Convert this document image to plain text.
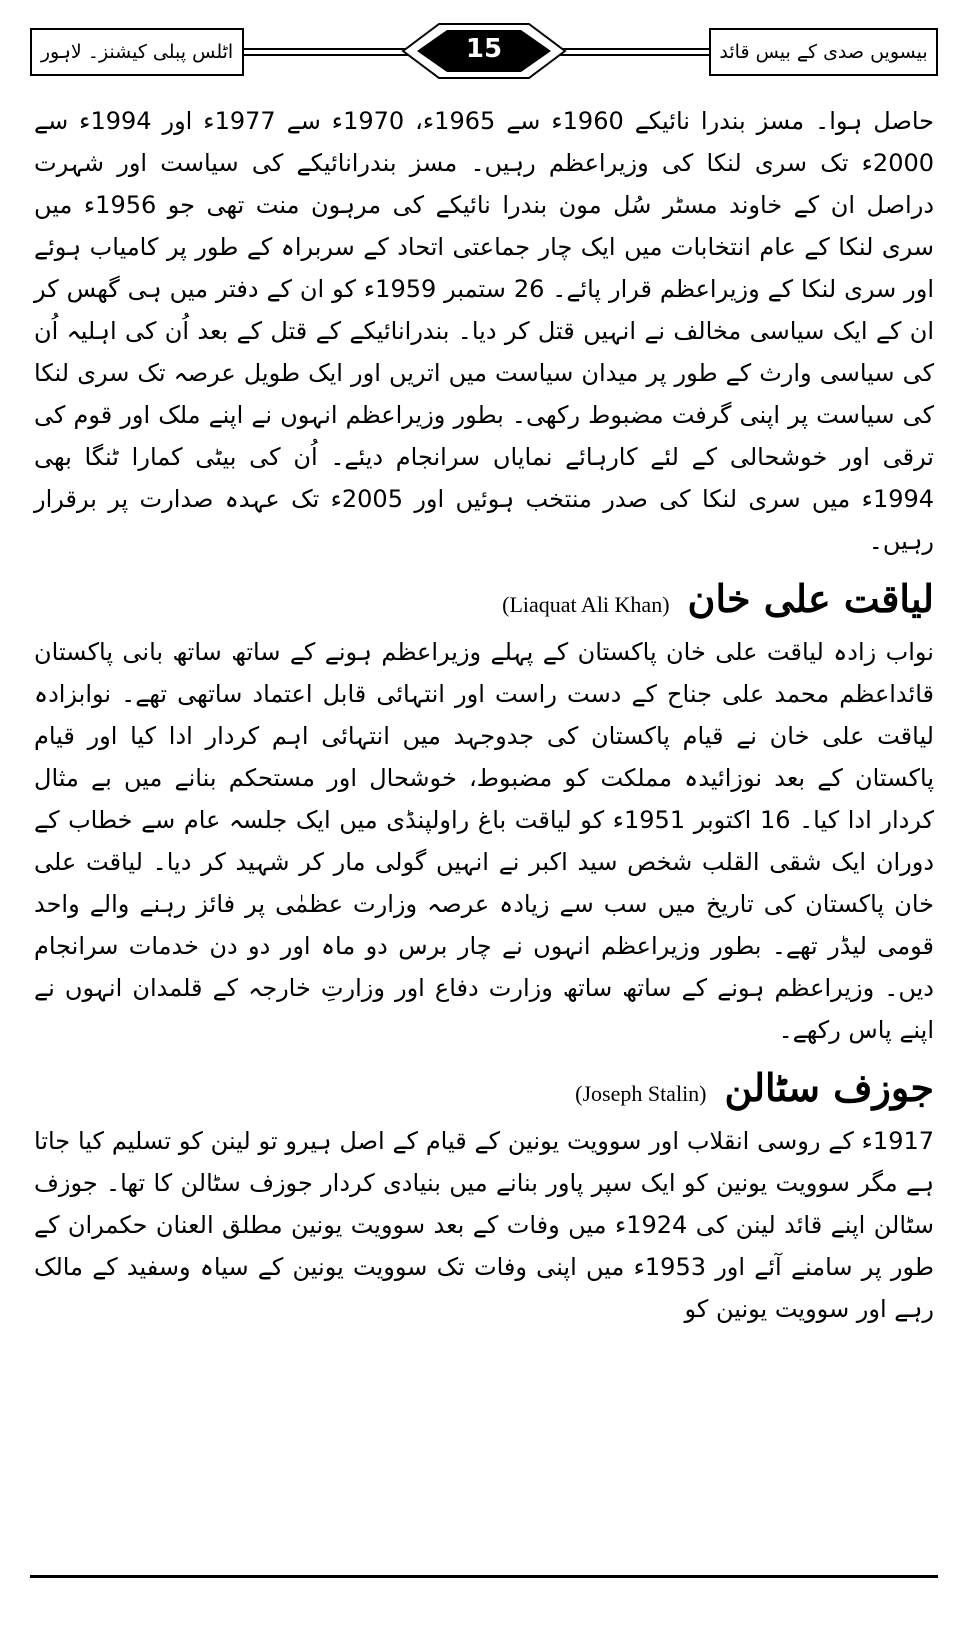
اٹلس پبلی کیشنز۔ لاہور	بیسویں صدی کے بیس قائد
15

حاصل ہوا۔ مسز بندرا نائیکے 1960ء سے 1965ء، 1970ء سے 1977ء اور 1994ء سے 2000ء تک سری لنکا کی وزیراعظم رہیں۔ مسز بندرانائیکے کی سیاست اور شہرت دراصل ان کے خاوند مسٹر سُل مون بندرا نائیکے کی مرہون منت تھی جو 1956ء میں سری لنکا کے عام انتخابات میں ایک چار جماعتی اتحاد کے سربراہ کے طور پر کامیاب ہوئے اور سری لنکا کے وزیراعظم قرار پائے۔ 26 ستمبر 1959ء کو ان کے دفتر میں ہی گھس کر ان کے ایک سیاسی مخالف نے انہیں قتل کر دیا۔ بندرانائیکے کے قتل کے بعد اُن کی اہلیہ اُن کی سیاسی وارث کے طور پر میدان سیاست میں اتریں اور ایک طویل عرصہ تک سری لنکا کی سیاست پر اپنی گرفت مضبوط رکھی۔ بطور وزیراعظم انہوں نے اپنے ملک اور قوم کی ترقی اور خوشحالی کے لئے کارہائے نمایاں سرانجام دیئے۔ اُن کی بیٹی کمارا ٹنگا بھی 1994ء میں سری لنکا کی صدر منتخب ہوئیں اور 2005ء تک عہدہ صدارت پر برقرار رہیں۔

لیاقت علی خان
(Liaquat Ali Khan)

نواب زادہ لیاقت علی خان پاکستان کے پہلے وزیراعظم ہونے کے ساتھ ساتھ بانی پاکستان قائداعظم محمد علی جناح کے دست راست اور انتہائی قابل اعتماد ساتھی تھے۔ نوابزادہ لیاقت علی خان نے قیام پاکستان کی جدوجہد میں انتہائی اہم کردار ادا کیا اور قیام پاکستان کے بعد نوزائیدہ مملکت کو مضبوط، خوشحال اور مستحکم بنانے میں بے مثال کردار ادا کیا۔ 16 اکتوبر 1951ء کو لیاقت باغ راولپنڈی میں ایک جلسہ عام سے خطاب کے دوران ایک شقی القلب شخص سید اکبر نے انہیں گولی مار کر شہید کر دیا۔ لیاقت علی خان پاکستان کی تاریخ میں سب سے زیادہ عرصہ وزارت عظمٰی پر فائز رہنے والے واحد قومی لیڈر تھے۔ بطور وزیراعظم انہوں نے چار برس دو ماہ اور دو دن خدمات سرانجام دیں۔ وزیراعظم ہونے کے ساتھ ساتھ وزارت دفاع اور وزارتِ خارجہ کے قلمدان انہوں نے اپنے پاس رکھے۔

جوزف سٹالن
(Joseph Stalin)

1917ء کے روسی انقلاب اور سوویت یونین کے قیام کے اصل ہیرو تو لینن کو تسلیم کیا جاتا ہے مگر سوویت یونین کو ایک سپر پاور بنانے میں بنیادی کردار جوزف سٹالن کا تھا۔ جوزف سٹالن اپنے قائد لینن کی 1924ء میں وفات کے بعد سوویت یونین مطلق العنان حکمران کے طور پر سامنے آئے اور 1953ء میں اپنی وفات تک سوویت یونین کے سیاہ وسفید کے مالک رہے اور سوویت یونین کو
